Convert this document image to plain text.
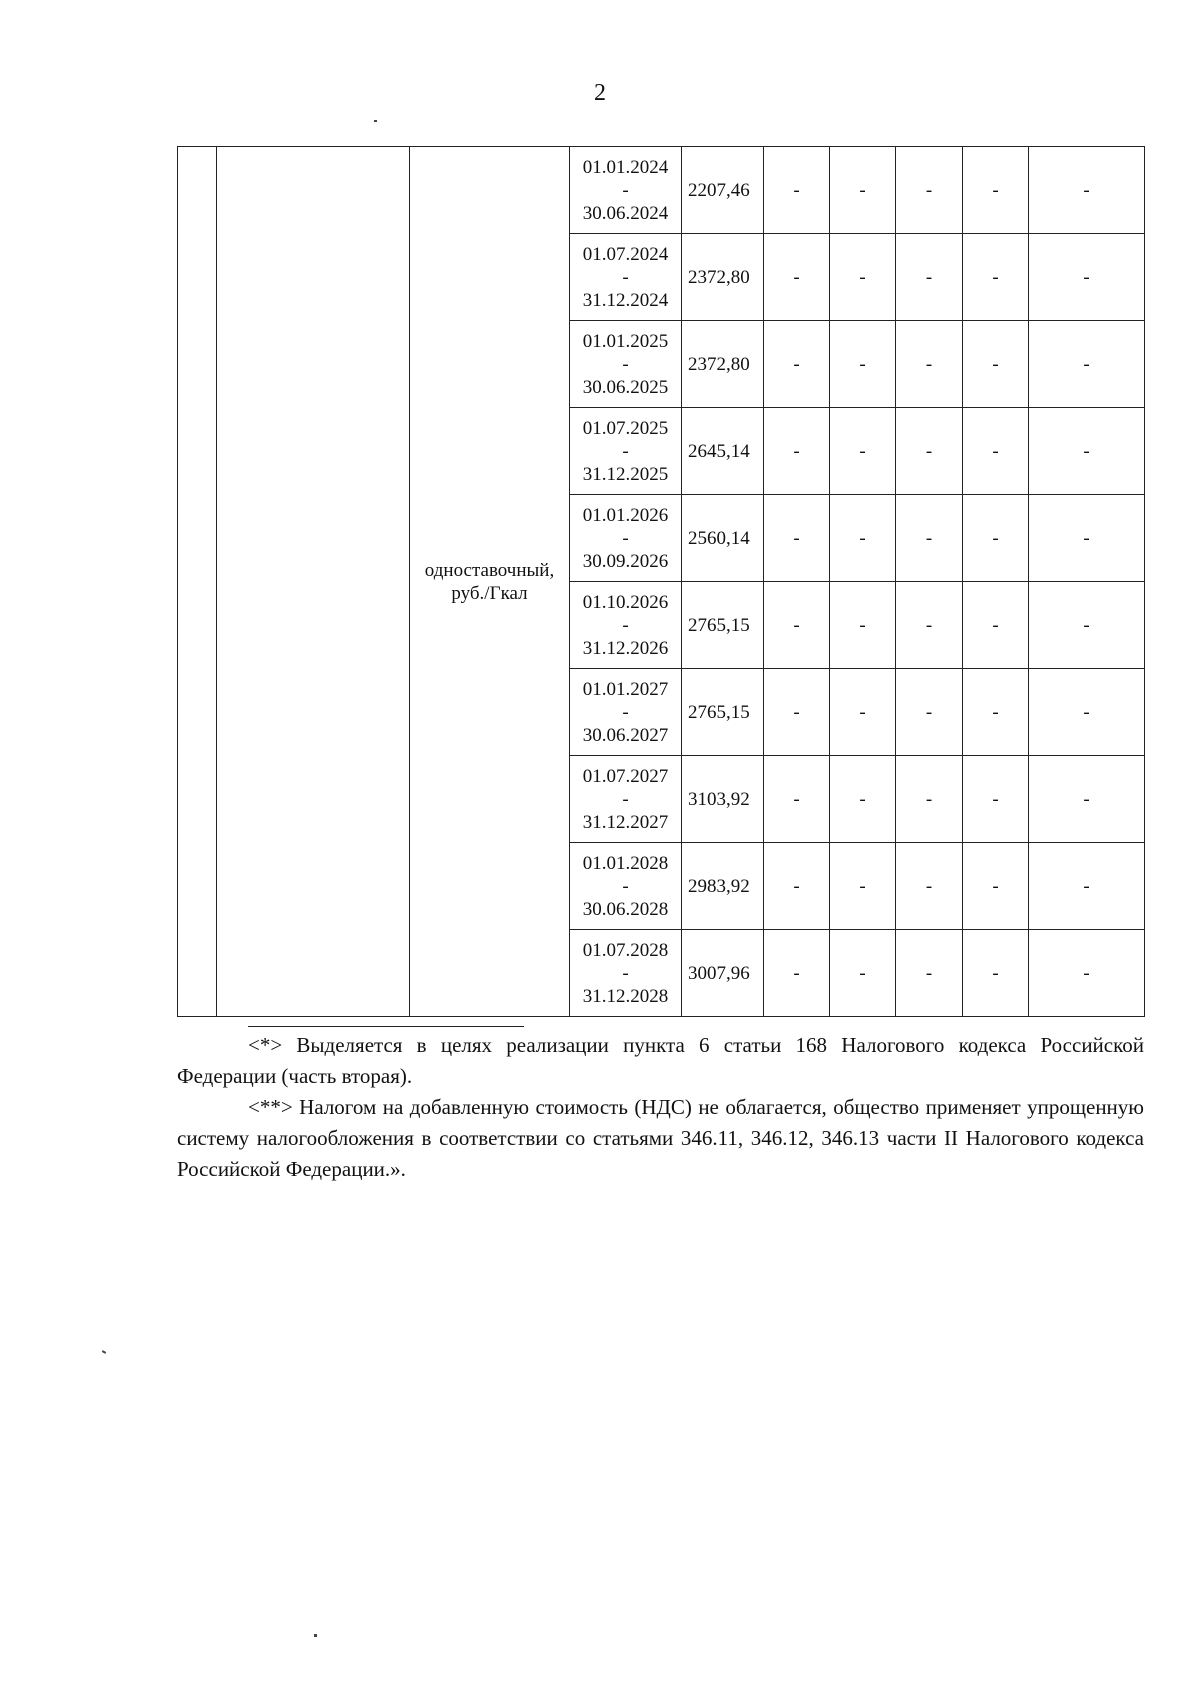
2
		одноставочный, руб./Гкал	01.01.2024
-
30.06.2024	2207,46	-	-	-	-	-

			01.07.2024
-
31.12.2024	2372,80	-	-	-	-	-

			01.01.2025
-
30.06.2025	2372,80	-	-	-	-	-

			01.07.2025
-
31.12.2025	2645,14	-	-	-	-	-

			01.01.2026
-
30.09.2026	2560,14	-	-	-	-	-

			01.10.2026
-
31.12.2026	2765,15	-	-	-	-	-

			01.01.2027
-
30.06.2027	2765,15	-	-	-	-	-

			01.07.2027
-
31.12.2027	3103,92	-	-	-	-	-

			01.01.2028
-
30.06.2028	2983,92	-	-	-	-	-

			01.07.2028
-
31.12.2028	3007,96	-	-	-	-	-

<*> Выделяется в целях реализации пункта 6 статьи 168 Налогового кодекса Российской Федерации (часть вторая).

<**> Налогом на добавленную стоимость (НДС) не облагается, общество применяет упрощенную систему налогообложения в соответствии со статьями 346.11, 346.12, 346.13 части II Налогового кодекса Российской Федерации.».
